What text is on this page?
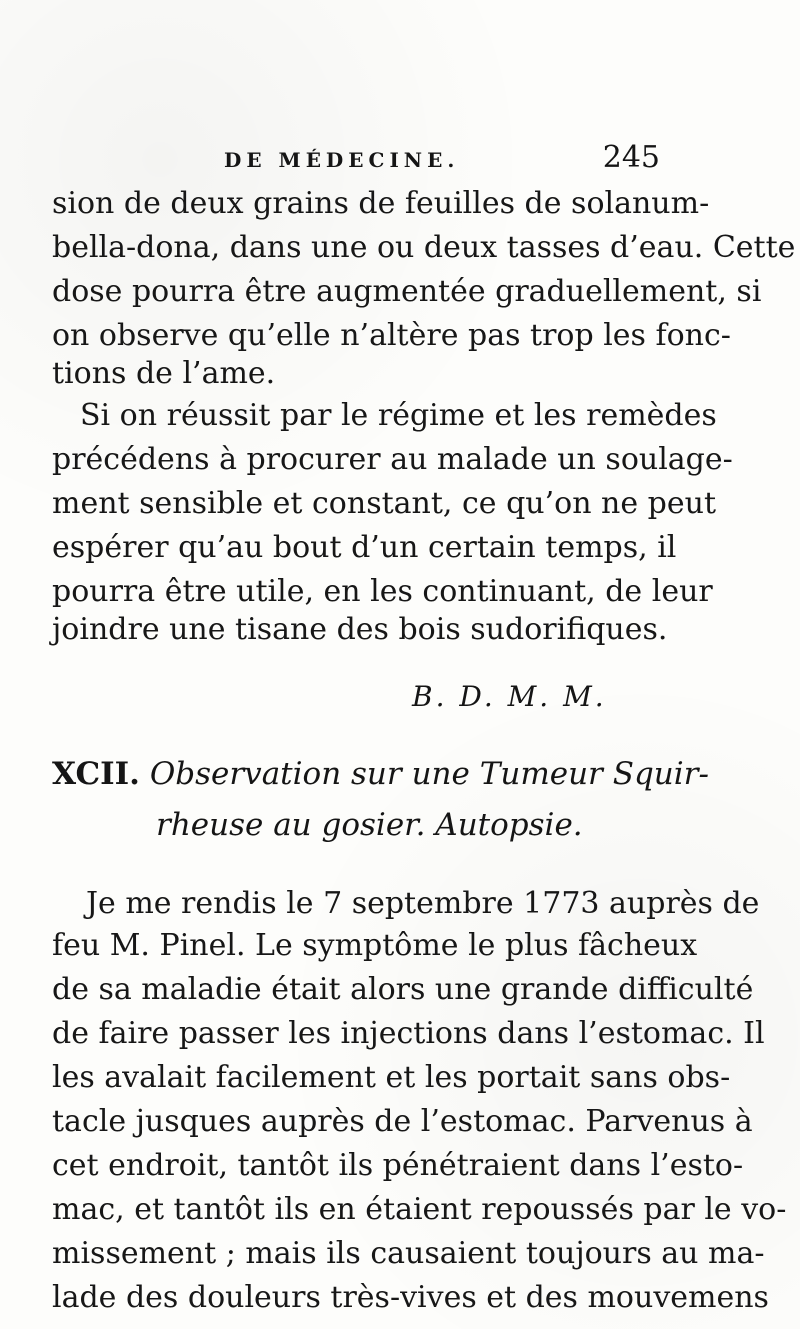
DE MÉDECINE.	245
sion de deux grains de feuilles de solanum-
bella-dona, dans une ou deux tasses d’eau. Cette
dose pourra être augmentée graduellement, si
on observe qu’elle n’altère pas trop les fonc-
tions de l’ame.
Si on réussit par le régime et les remèdes
précédens à procurer au malade un soulage-
ment sensible et constant, ce qu’on ne peut
espérer qu’au bout d’un certain temps, il
pourra être utile, en les continuant, de leur
joindre une tisane des bois sudorifiques.
B. D. M. M.
XCII. Observation sur une Tumeur Squir-
rheuse au gosier. Autopsie.
Je me rendis le 7 septembre 1773 auprès de
feu M. Pinel. Le symptôme le plus fâcheux
de sa maladie était alors une grande difficulté
de faire passer les injections dans l’estomac. Il
les avalait facilement et les portait sans obs-
tacle jusques auprès de l’estomac. Parvenus à
cet endroit, tantôt ils pénétraient dans l’esto-
mac, et tantôt ils en étaient repoussés par le vo-
missement ; mais ils causaient toujours au ma-
lade des douleurs très-vives et des mouvemens
